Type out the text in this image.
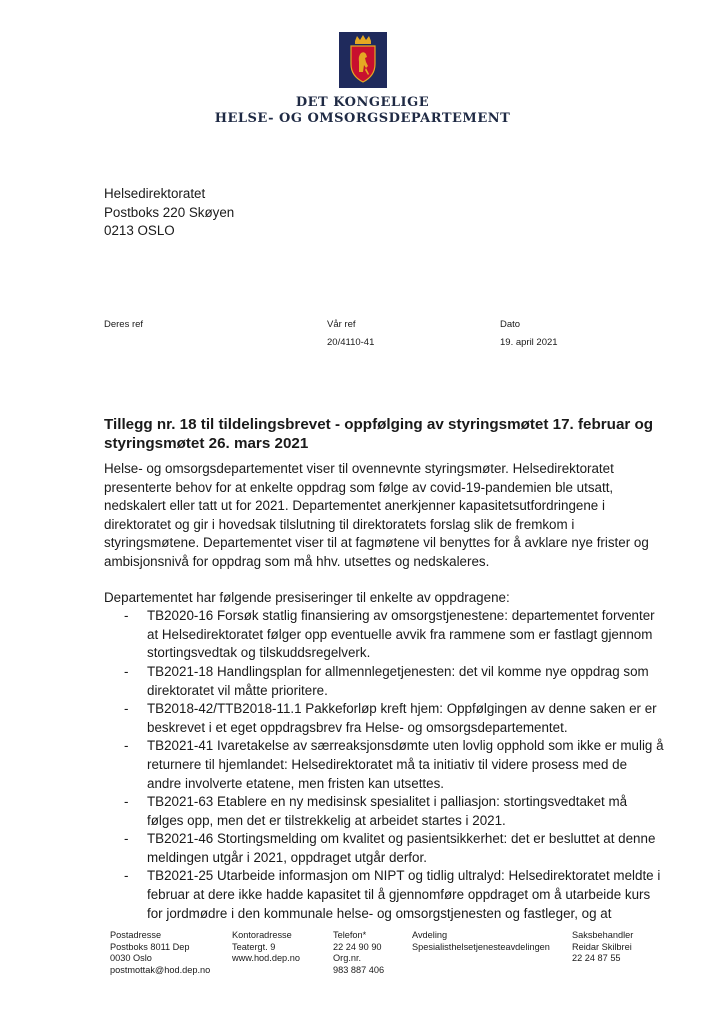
DET KONGELIGE
HELSE- OG OMSORGSDEPARTEMENT
Helsedirektoratet
Postboks 220 Skøyen
0213 OSLO
Deres ref	Vår ref
20/4110-41
Dato
19. april 2021
Tillegg nr. 18 til tildelingsbrevet - oppfølging av styringsmøtet 17. februar og styringsmøtet 26. mars 2021

Helse- og omsorgsdepartementet viser til ovennevnte styringsmøter. Helsedirektoratet presenterte behov for at enkelte oppdrag som følge av covid-19-pandemien ble utsatt, nedskalert eller tatt ut for 2021. Departementet anerkjenner kapasitetsutfordringene i direktoratet og gir i hovedsak tilslutning til direktoratets forslag slik de fremkom i styringsmøtene. Departementet viser til at fagmøtene vil benyttes for å avklare nye frister og ambisjonsnivå for oppdrag som må hhv. utsettes og nedskaleres.

Departementet har følgende presiseringer til enkelte av oppdragene:

- TB2020-16 Forsøk statlig finansiering av omsorgstjenestene: departementet forventer at Helsedirektoratet følger opp eventuelle avvik fra rammene som er fastlagt gjennom stortingsvedtak og tilskuddsregelverk.
- TB2021-18 Handlingsplan for allmennlegetjenesten: det vil komme nye oppdrag som direktoratet vil måtte prioritere.
- TB2018-42/TTB2018-11.1 Pakkeforløp kreft hjem: Oppfølgingen av denne saken er er beskrevet i et eget oppdragsbrev fra Helse- og omsorgsdepartementet.
- TB2021-41 Ivaretakelse av særreaksjonsdømte uten lovlig opphold som ikke er mulig å returnere til hjemlandet: Helsedirektoratet må ta initiativ til videre prosess med de andre involverte etatene, men fristen kan utsettes.
- TB2021-63 Etablere en ny medisinsk spesialitet i palliasjon: stortingsvedtaket må følges opp, men det er tilstrekkelig at arbeidet startes i 2021.
- TB2021-46 Stortingsmelding om kvalitet og pasientsikkerhet: det er besluttet at denne meldingen utgår i 2021, oppdraget utgår derfor.
- TB2021-25 Utarbeide informasjon om NIPT og tidlig ultralyd: Helsedirektoratet meldte i februar at dere ikke hadde kapasitet til å gjennomføre oppdraget om å utarbeide kurs for jordmødre i den kommunale helse- og omsorgstjenesten og fastleger, og at
Postadresse
Postboks 8011 Dep
0030 Oslo
postmottak@hod.dep.no
Kontoradresse
Teatergt. 9
www.hod.dep.no
Telefon*
22 24 90 90
Org.nr.
983 887 406
Avdeling
Spesialisthelsetjenesteavdelingen
Saksbehandler
Reidar Skilbrei
22 24 87 55
